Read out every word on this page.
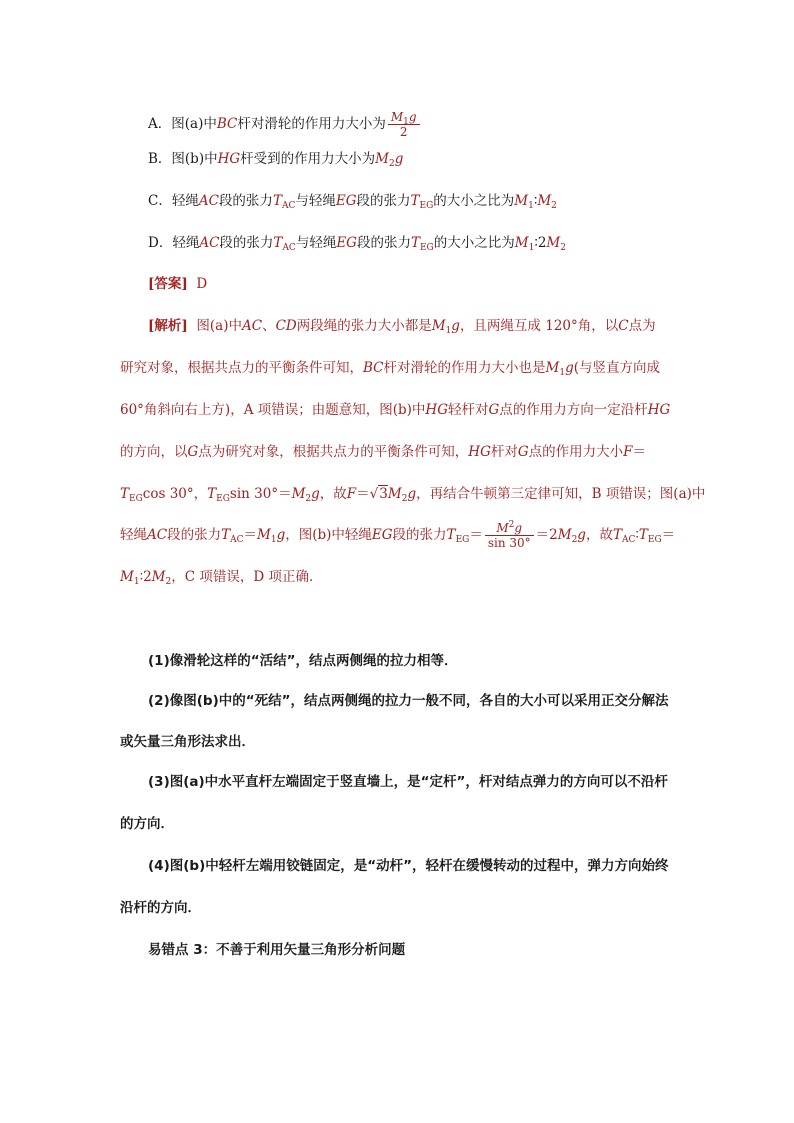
A．图(a)中BC杆对滑轮的作用力大小为 $\frac{M_1g}{2}$
B．图(b)中HG杆受到的作用力大小为$M_2g$
C．轻绳AC段的张力$T_{AC}$与轻绳EG段的张力$T_{EG}$的大小之比为$M_1∶M_2$
D．轻绳AC段的张力$T_{AC}$与轻绳EG段的张力$T_{EG}$的大小之比为$M_1∶2M_2$
[答案] D
[解析] 图(a)中AC、CD两段绳的张力大小都是$M_1g$，且两绳互成 120°角，以C点为
研究对象，根据共点力的平衡条件可知，BC杆对滑轮的作用力大小也是$M_1g$(与竖直方向成
60°角斜向右上方)，A 项错误；由题意知，图(b)中HG轻杆对G点的作用力方向一定沿杆HG
的方向，以G点为研究对象，根据共点力的平衡条件可知，HG杆对G点的作用力大小F＝
$T_{EG}\cos$ 30°，$T_{EG}\sin$ $30^\circ=M_2g$，故$F=√3M_2g$，再结合牛顿第三定律可知，B 项错误；图(a)中
轻绳AC段的张力$T_{AC}=M_1g$，图(b)中轻绳EG段的张力$T_{EG}= \frac{M^2g}{\sin 30^\circ} =2M_2g$，故$T_{AC}∶T_{EG}=$
$M_1∶2M_2$，C 项错误，D 项正确．
(1)像滑轮这样的“活结”，结点两侧绳的拉力相等．
(2)像图(b)中的“死结”，结点两侧绳的拉力一般不同，各自的大小可以采用正交分解法
或矢量三角形法求出．
(3)图(a)中水平直杆左端固定于竖直墙上，是“定杆”，杆对结点弹力的方向可以不沿杆
的方向．
(4)图(b)中轻杆左端用铰链固定，是“动杆”，轻杆在缓慢转动的过程中，弹力方向始终
沿杆的方向．
易错点 3：不善于利用矢量三角形分析问题
